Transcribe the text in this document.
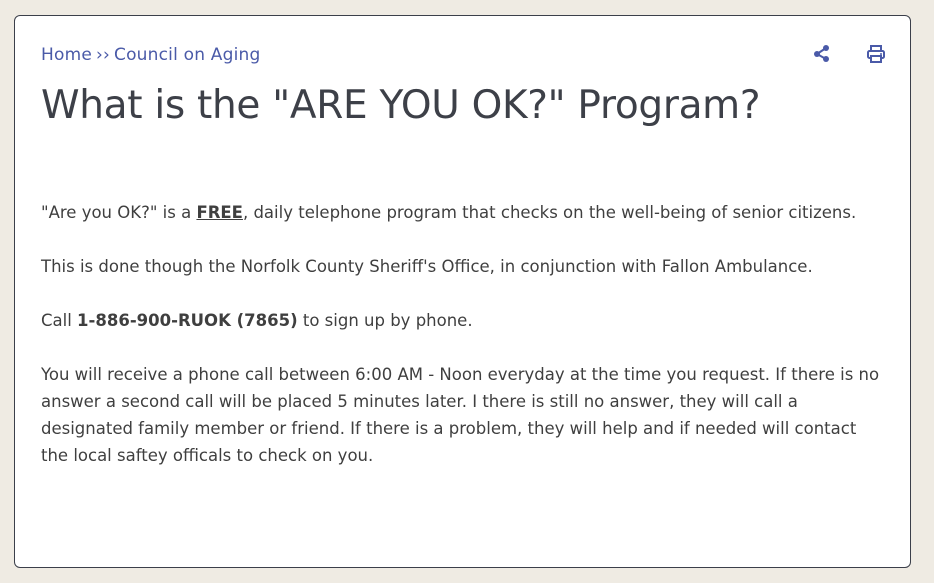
Home ›› Council on Aging
What is the "ARE YOU OK?" Program?

"Are you OK?" is a FREE, daily telephone program that checks on the well-being of senior citizens.

This is done though the Norfolk County Sheriff's Office, in conjunction with Fallon Ambulance.

Call 1-886-900-RUOK (7865) to sign up by phone.

You will receive a phone call between 6:00 AM - Noon everyday at the time you request. If there is no answer a second call will be placed 5 minutes later. I there is still no answer, they will call a designated family member or friend. If there is a problem, they will help and if needed will contact the local saftey officals to check on you.
